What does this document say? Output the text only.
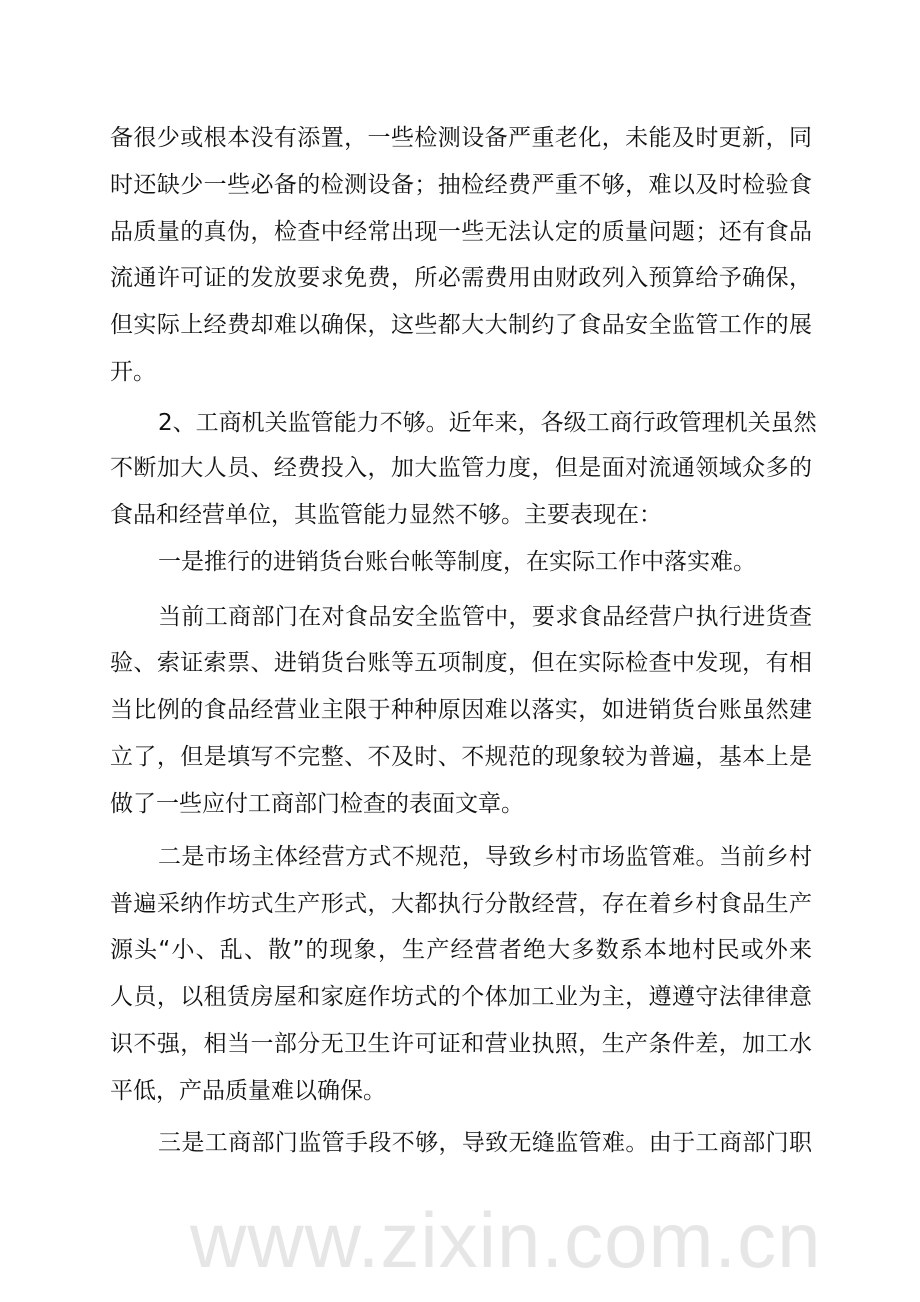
www.zixin.com.cn
备很少或根本没有添置，一些检测设备严重老化，未能及时更新，同
时还缺少一些必备的检测设备；抽检经费严重不够，难以及时检验食
品质量的真伪，检查中经常出现一些无法认定的质量问题；还有食品
流通许可证的发放要求免费，所必需费用由财政列入预算给予确保，
但实际上经费却难以确保，这些都大大制约了食品安全监管工作的展
开。
2、工商机关监管能力不够。近年来，各级工商行政管理机关虽然
不断加大人员、经费投入，加大监管力度，但是面对流通领域众多的
食品和经营单位，其监管能力显然不够。主要表现在：
一是推行的进销货台账台帐等制度，在实际工作中落实难。
当前工商部门在对食品安全监管中，要求食品经营户执行进货查
验、索证索票、进销货台账等五项制度，但在实际检查中发现，有相
当比例的食品经营业主限于种种原因难以落实，如进销货台账虽然建
立了，但是填写不完整、不及时、不规范的现象较为普遍，基本上是
做了一些应付工商部门检查的表面文章。
二是市场主体经营方式不规范，导致乡村市场监管难。当前乡村
普遍采纳作坊式生产形式，大都执行分散经营，存在着乡村食品生产
源头“小、乱、散”的现象，生产经营者绝大多数系本地村民或外来
人员，以租赁房屋和家庭作坊式的个体加工业为主，遵遵守法律律意
识不强，相当一部分无卫生许可证和营业执照，生产条件差，加工水
平低，产品质量难以确保。
三是工商部门监管手段不够，导致无缝监管难。由于工商部门职
